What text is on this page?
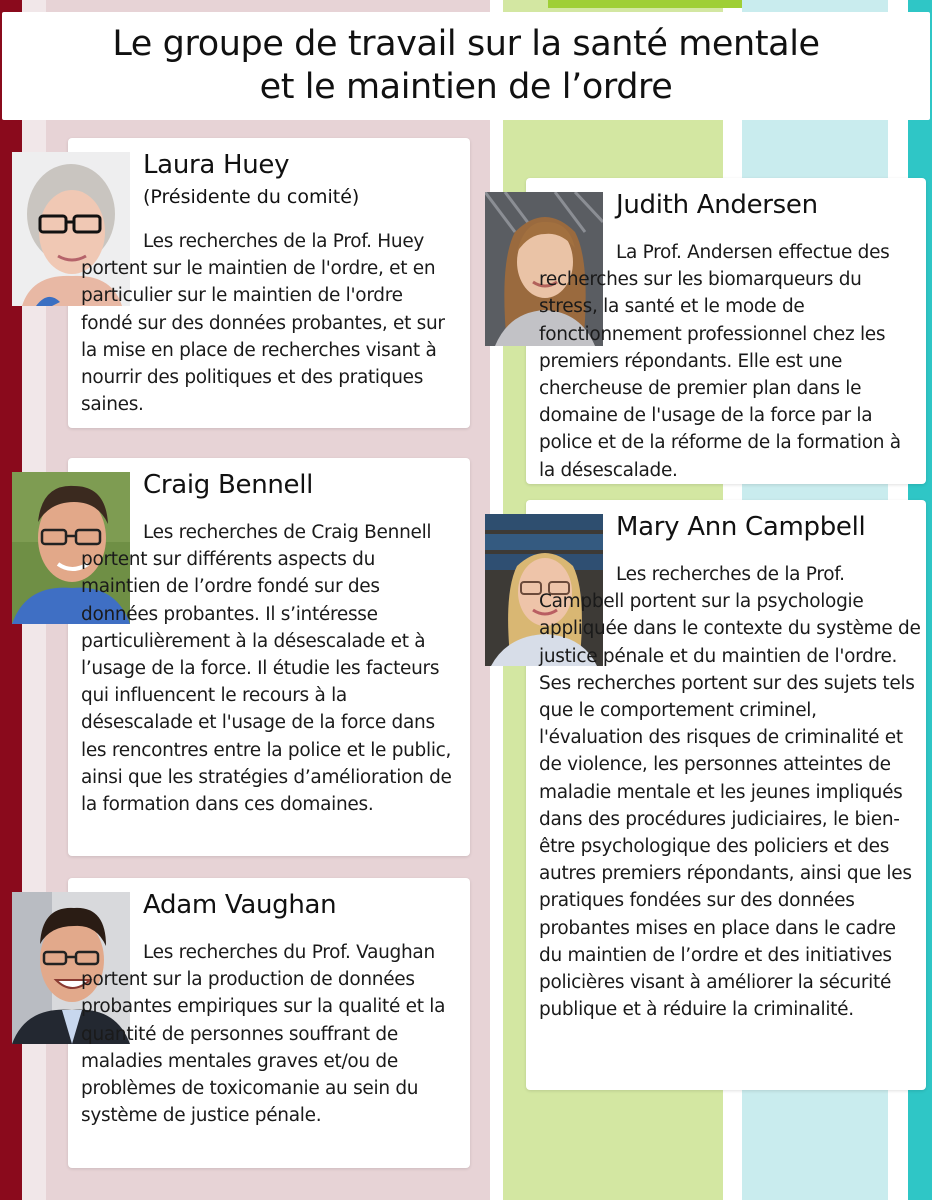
Le groupe de travail sur la santé mentale
et le maintien de l’ordre
Laura Huey
(Présidente du comité)
Les recherches de la Prof. Huey portent sur le maintien de l'ordre, et en particulier sur le maintien de l'ordre fondé sur des données probantes, et sur la mise en place de recherches visant à nourrir des politiques et des pratiques saines.
Craig Bennell
Les recherches de Craig Bennell portent sur différents aspects du maintien de l’ordre fondé sur des données probantes. Il s’intéresse particulièrement à la désescalade et à l’usage de la force. Il étudie les facteurs qui influencent le recours à la désescalade et l'usage de la force dans les rencontres entre la police et le public, ainsi que les stratégies d’amélioration de la formation dans ces domaines.
Adam Vaughan
Les recherches du Prof. Vaughan portent sur la production de données probantes empiriques sur la qualité et la quantité de personnes souffrant de maladies mentales graves et/ou de problèmes de toxicomanie au sein du système de justice pénale.
Judith Andersen
La Prof. Andersen effectue des recherches sur les biomarqueurs du stress, la santé et le mode de fonctionnement professionnel chez les premiers répondants. Elle est une chercheuse de premier plan dans le domaine de l'usage de la force par la police et de la réforme de la formation à la désescalade.
Mary Ann Campbell
Les recherches de la Prof. Campbell portent sur la psychologie appliquée dans le contexte du système de justice pénale et du maintien de l'ordre. Ses recherches portent sur des sujets tels que le comportement criminel, l'évaluation des risques de criminalité et de violence, les personnes atteintes de maladie mentale et les jeunes impliqués dans des procédures judiciaires, le bien-être psychologique des policiers et des autres premiers répondants, ainsi que les pratiques fondées sur des données probantes mises en place dans le cadre du maintien de l’ordre et des initiatives policières visant à améliorer la sécurité publique et à réduire la criminalité.
